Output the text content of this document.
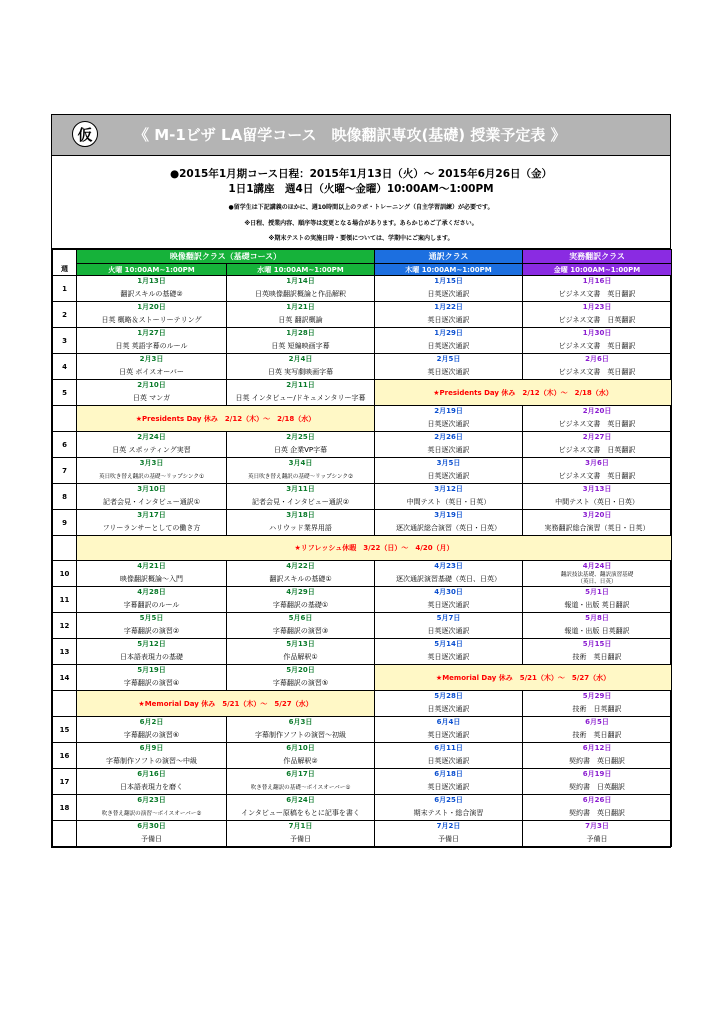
仮	《 M-1ビザ LA留学コース　映像翻訳専攻(基礎) 授業予定表 》
●2015年1月期コース日程：2015年1月13日（火）～ 2015年6月26日（金）
1日1講座　週4日（火曜～金曜）10:00AM～1:00PM
●留学生は下記講義のほかに、週10時間以上のラボ・トレーニング（自主学習訓練）が必要です。
※日程、授業内容、順序等は変更となる場合があります。あらかじめご了承ください。
※期末テストの実施日時・要領については、学期中にご案内します。
	映像翻訳クラス（基礎コース）		通訳クラス	実務翻訳クラス
週	火曜 10:00AM~1:00PM	水曜 10:00AM~1:00PM	木曜 10:00AM~1:00PM	金曜 10:00AM~1:00PM
1	1月13日	1月14日	1月15日	1月16日
	翻訳スキルの基礎②	日英映像翻訳概論と作品解釈	日英逐次通訳	ビジネス文書　英日翻訳
2	1月20日	1月21日	1月22日	1月23日
	日英 概略＆ストーリーテリング	日英 翻訳概論	英日逐次通訳	ビジネス文書　日英翻訳
3	1月27日	1月28日	1月29日	1月30日
	日英 英語字幕のルール	日英 短編映画字幕	日英逐次通訳	ビジネス文書　英日翻訳
4	2月3日	2月4日	2月5日	2月6日
	日英 ボイスオーバー	日英 実写劇映画字幕	英日逐次通訳	ビジネス文書　英日翻訳
5	2月10日	2月11日	★Presidents Day 休み　2/12（木）～　2/18（水）	
	日英 マンガ	日英 インタビュー/ドキュメンタリー字幕		
	★Presidents Day 休み　2/12（木）～　2/18（水）		2月19日	2月20日
			日英逐次通訳	ビジネス文書　英日翻訳
6	2月24日	2月25日	2月26日	2月27日
	日英 スポッティング実習	日英 企業VP字幕	英日逐次通訳	ビジネス文書　日英翻訳
7	3月3日	3月4日	3月5日	3月6日
	英日吹き替え翻訳の基礎～リップシンク①	英日吹き替え翻訳の基礎～リップシンク②	日英逐次通訳	ビジネス文書　英日翻訳
8	3月10日	3月11日	3月12日	3月13日
	記者会見・インタビュー通訳①	記者会見・インタビュー通訳②	中間テスト（英日・日英）	中間テスト（英日・日英）
9	3月17日	3月18日	3月19日	3月20日
	フリーランサーとしての働き方	ハリウッド業界用語	逐次通訳総合演習（英日・日英）	実務翻訳総合演習（英日・日英）
	★リフレッシュ休暇　3/22（日）～　4/20（月）			
10	4月21日	4月22日	4月23日	4月24日
	映像翻訳概論～入門	翻訳スキルの基礎①	逐次通訳演習基礎（英日、日英）	翻訳技法基礎、翻訳演習基礎
（英日、日英）
11	4月28日	4月29日	4月30日	5月1日
	字幕翻訳のルール	字幕翻訳の基礎①	英日逐次通訳	報道・出版 英日翻訳
12	5月5日	5月6日	5月7日	5月8日
	字幕翻訳の演習②	字幕翻訳の演習③	日英逐次通訳	報道・出版 日英翻訳
13	5月12日	5月13日	5月14日	5月15日
	日本語表現力の基礎	作品解釈①	英日逐次通訳	技術　英日翻訳
14	5月19日	5月20日	★Memorial Day 休み　5/21（木）～　5/27（水）	
	字幕翻訳の演習④	字幕翻訳の演習⑤		
	★Memorial Day 休み　5/21（木）～　5/27（水）		5月28日	5月29日
			日英逐次通訳	技術　日英翻訳
15	6月2日	6月3日	6月4日	6月5日
	字幕翻訳の演習⑥	字幕制作ソフトの演習～初級	英日逐次通訳	技術　英日翻訳
16	6月9日	6月10日	6月11日	6月12日
	字幕制作ソフトの演習～中級	作品解釈②	日英逐次通訳	契約書　英日翻訳
17	6月16日	6月17日	6月18日	6月19日
	日本語表現力を磨く	吹き替え翻訳の基礎～ボイスオーバー①	英日逐次通訳	契約書　日英翻訳
18	6月23日	6月24日	6月25日	6月26日
	吹き替え翻訳の演習～ボイスオーバー②	インタビュー原稿をもとに記事を書く	期末テスト・総合演習	契約書　英日翻訳
	6月30日	7月1日	7月2日	7月3日
	予備日	予備日	予備日	予備日
